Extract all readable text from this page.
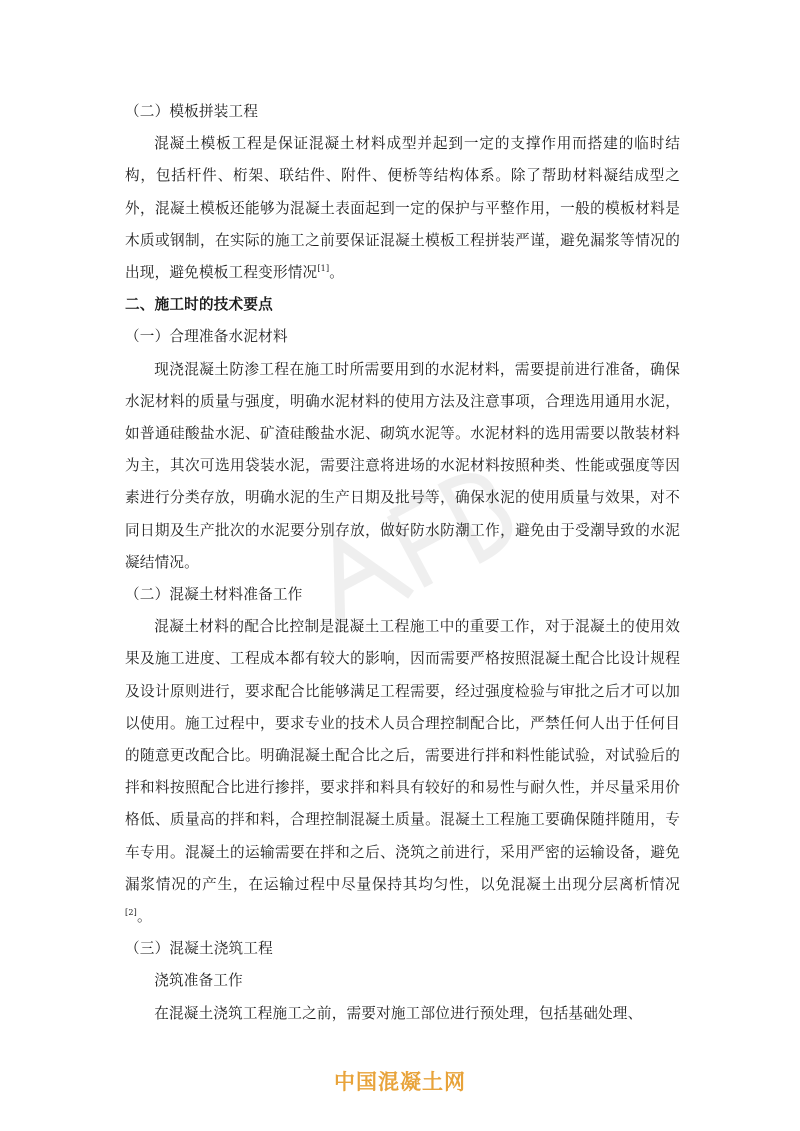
（二）模板拼装工程

混凝土模板工程是保证混凝土材料成型并起到一定的支撑作用而搭建的临时结构，包括杆件、桁架、联结件、附件、便桥等结构体系。除了帮助材料凝结成型之外，混凝土模板还能够为混凝土表面起到一定的保护与平整作用，一般的模板材料是木质或钢制，在实际的施工之前要保证混凝土模板工程拼装严谨，避免漏浆等情况的出现，避免模板工程变形情况[1]。

二、施工时的技术要点

（一）合理准备水泥材料

现浇混凝土防渗工程在施工时所需要用到的水泥材料，需要提前进行准备，确保水泥材料的质量与强度，明确水泥材料的使用方法及注意事项，合理选用通用水泥，如普通硅酸盐水泥、矿渣硅酸盐水泥、砌筑水泥等。水泥材料的选用需要以散装材料为主，其次可选用袋装水泥，需要注意将进场的水泥材料按照种类、性能或强度等因素进行分类存放，明确水泥的生产日期及批号等，确保水泥的使用质量与效果，对不同日期及生产批次的水泥要分别存放，做好防水防潮工作，避免由于受潮导致的水泥凝结情况。

（二）混凝土材料准备工作

混凝土材料的配合比控制是混凝土工程施工中的重要工作，对于混凝土的使用效果及施工进度、工程成本都有较大的影响，因而需要严格按照混凝土配合比设计规程及设计原则进行，要求配合比能够满足工程需要，经过强度检验与审批之后才可以加以使用。施工过程中，要求专业的技术人员合理控制配合比，严禁任何人出于任何目的随意更改配合比。明确混凝土配合比之后，需要进行拌和料性能试验，对试验后的拌和料按照配合比进行掺拌，要求拌和料具有较好的和易性与耐久性，并尽量采用价格低、质量高的拌和料，合理控制混凝土质量。混凝土工程施工要确保随拌随用，专车专用。混凝土的运输需要在拌和之后、浇筑之前进行，采用严密的运输设备，避免漏浆情况的产生，在运输过程中尽量保持其均匀性，以免混凝土出现分层离析情况[2]。

（三）混凝土浇筑工程

浇筑准备工作

在混凝土浇筑工程施工之前，需要对施工部位进行预处理，包括基础处理、

中国混凝土网
